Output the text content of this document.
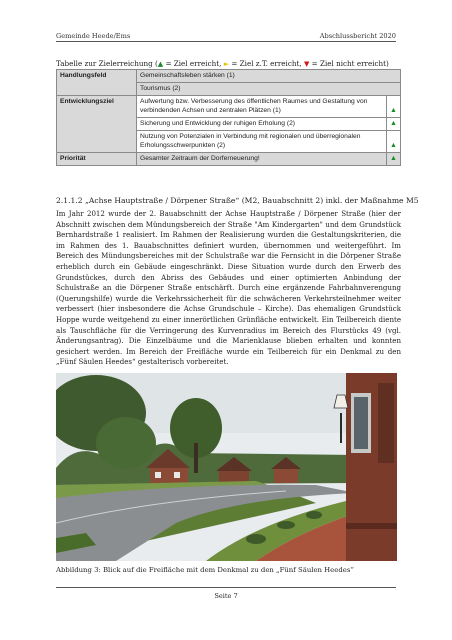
Gemeinde Heede/Ems	Abschlussbericht 2020
Tabelle zur Zielerreichung (▲ = Ziel erreicht, ► = Ziel z.T. erreicht, ▼ = Ziel nicht erreicht)
Handlungsfeld	Gemeinschaftsleben stärken (1)	
	Tourismus (2)	
Entwicklungsziel	Aufwertung bzw. Verbesserung des öffentlichen Raumes und Gestaltung von verbindenden Achsen und zentralen Plätzen (1)	▲
	Sicherung und Entwicklung der ruhigen Erholung (2)	▲
	Nutzung von Potenzialen in Verbindung mit regionalen und überregionalen Erholungsschwerpunkten (2)	▲
Priorität	Gesamter Zeitraum der Dorferneuerung!	▲
2.1.1.2 „Achse Hauptstraße / Dörpener Straße“ (M2, Bauabschnitt 2) inkl. der Maßnahme M5

Im Jahr 2012 wurde der 2. Bauabschnitt der Achse Hauptstraße / Dörpener Straße (hier der Abschnitt zwischen dem Mündungsbereich der Straße "Am Kindergarten" und dem Grundstück Bernhardstraße 1 realisiert. Im Rahmen der Realisierung wurden die Gestaltungskriterien, die im Rahmen des 1. Bauabschnittes definiert wurden, übernommen und weitergeführt. Im Bereich des Mündungsbereiches mit der Schulstraße war die Fernsicht in die Dörpener Straße erheblich durch ein Gebäude eingeschränkt. Diese Situation wurde durch den Erwerb des Grundstückes, durch den Abriss des Gebäudes und einer optimierten Anbindung der Schulstraße an die Dörpener Straße entschärft. Durch eine ergänzende Fahrbahnverengung (Querungshilfe) wurde die Verkehrssicherheit für die schwächeren Verkehrsteilnehmer weiter verbessert (hier insbesondere die Achse Grundschule – Kirche). Das ehemaligen Grundstück Hoppe wurde weitgehend zu einer innerörtlichen Grünfläche entwickelt. Ein Teilbereich diente als Tauschfläche für die Verringerung des Kurvenradius im Bereich des Flurstücks 49 (vgl. Änderungsantrag). Die Einzelbäume und die Marienklause blieben erhalten und konnten gesichert werden. Im Bereich der Freifläche wurde ein Teilbereich für ein Denkmal zu den „Fünf Säulen Heedes“ gestalterisch vorbereitet.

Abbildung 3: Blick auf die Freifläche mit dem Denkmal zu den „Fünf Säulen Heedes“
Seite 7
